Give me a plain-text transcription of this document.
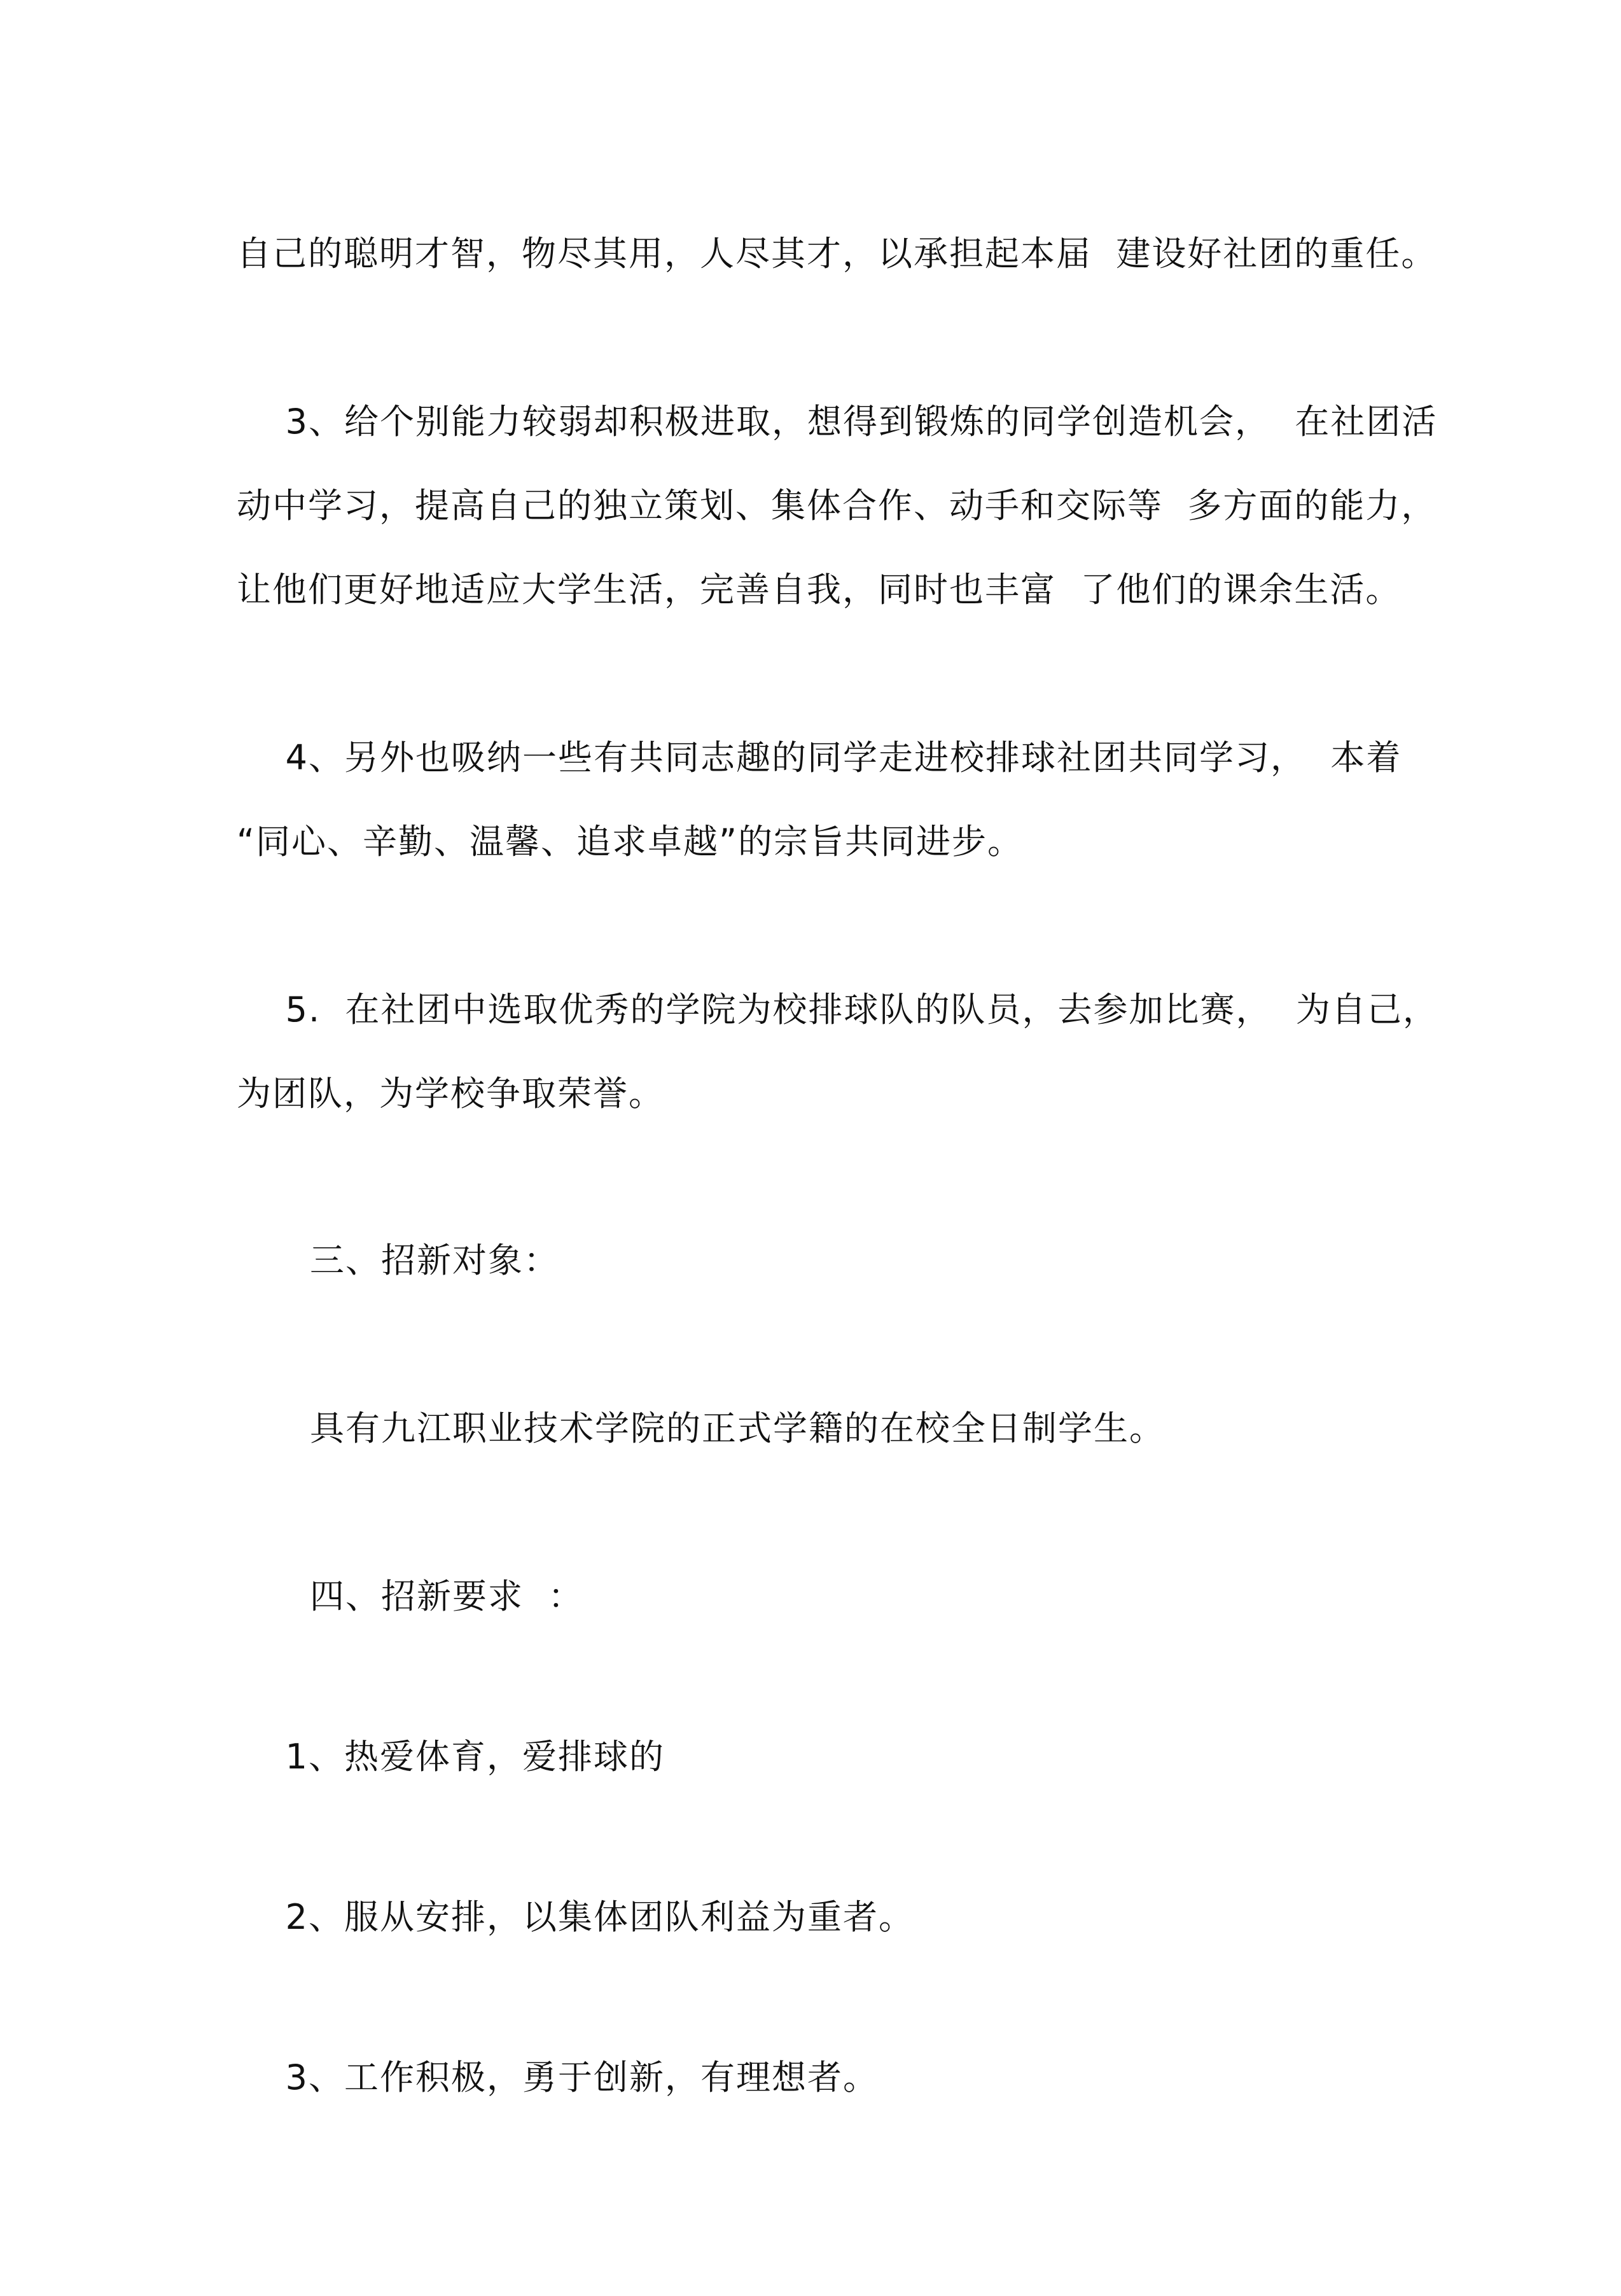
自己的聪明才智，物尽其用，人尽其才，以承担起本届  建设好社团的重任。
3、给个别能力较弱却积极进取，想得到锻炼的同学创造机会，  在社团活
动中学习，提高自己的独立策划、集体合作、动手和交际等  多方面的能力，
让他们更好地适应大学生活，完善自我，同时也丰富  了他们的课余生活。
4、另外也吸纳一些有共同志趣的同学走进校排球社团共同学习，  本着
“同心、辛勤、温馨、追求卓越”的宗旨共同进步。
5.  在社团中选取优秀的学院为校排球队的队员，去参加比赛，  为自己，
为团队，为学校争取荣誉。
三、招新对象：
具有九江职业技术学院的正式学籍的在校全日制学生。
四、招新要求  ：
1、热爱体育，爱排球的
2、服从安排，以集体团队利益为重者。
3、工作积极，勇于创新，有理想者。
